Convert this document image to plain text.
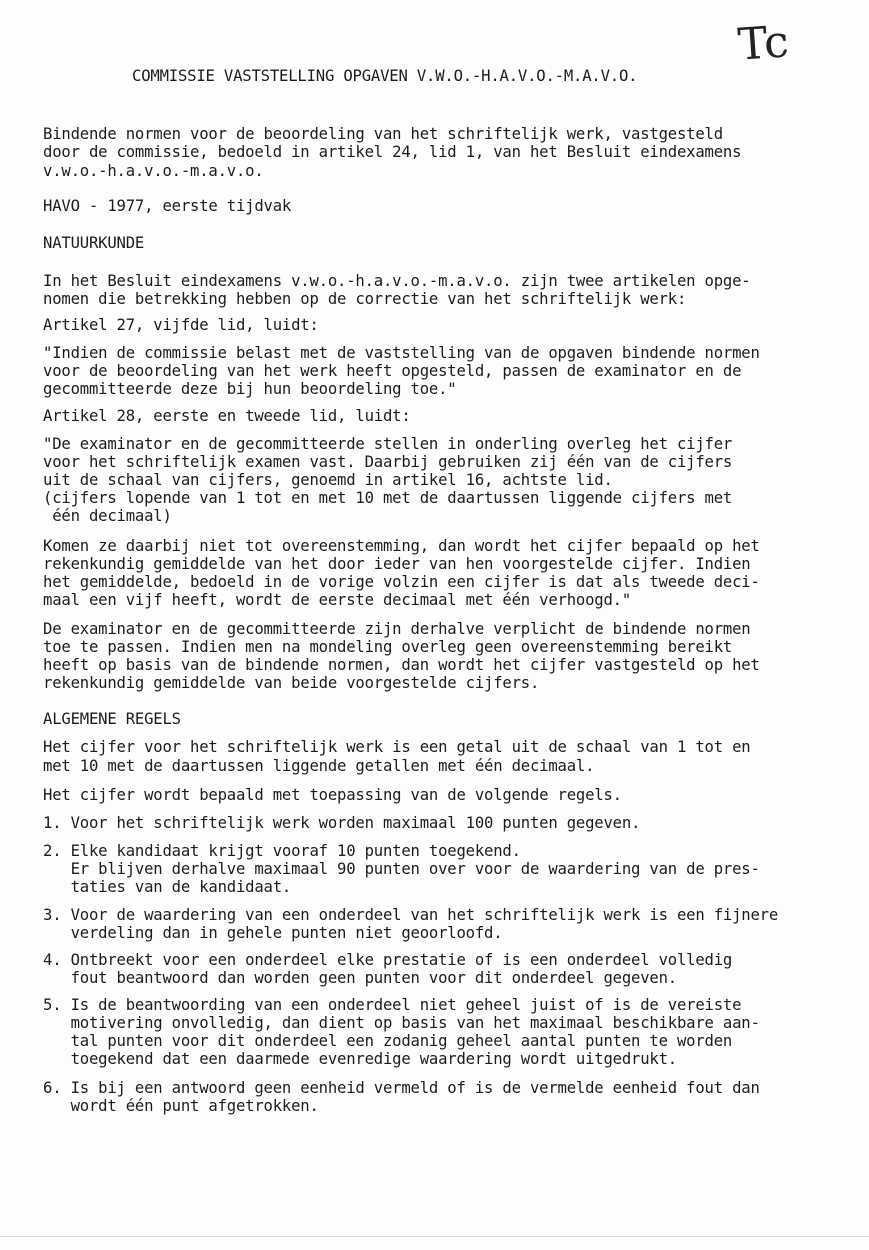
Tc
COMMISSIE VASTSTELLING OPGAVEN V.W.O.-H.A.V.O.-M.A.V.O.
Bindende normen voor de beoordeling van het schriftelijk werk, vastgesteld
door de commissie, bedoeld in artikel 24, lid 1, van het Besluit eindexamens
v.w.o.-h.a.v.o.-m.a.v.o.
HAVO - 1977, eerste tijdvak
NATUURKUNDE
In het Besluit eindexamens v.w.o.-h.a.v.o.-m.a.v.o. zijn twee artikelen opge-
nomen die betrekking hebben op de correctie van het schriftelijk werk:
Artikel 27, vijfde lid, luidt:
"Indien de commissie belast met de vaststelling van de opgaven bindende normen
voor de beoordeling van het werk heeft opgesteld, passen de examinator en de
gecommitteerde deze bij hun beoordeling toe."
Artikel 28, eerste en tweede lid, luidt:
"De examinator en de gecommitteerde stellen in onderling overleg het cijfer
voor het schriftelijk examen vast. Daarbij gebruiken zij één van de cijfers
uit de schaal van cijfers, genoemd in artikel 16, achtste lid.
(cijfers lopende van 1 tot en met 10 met de daartussen liggende cijfers met
één decimaal)
Komen ze daarbij niet tot overeenstemming, dan wordt het cijfer bepaald op het
rekenkundig gemiddelde van het door ieder van hen voorgestelde cijfer. Indien
het gemiddelde, bedoeld in de vorige volzin een cijfer is dat als tweede deci-
maal een vijf heeft, wordt de eerste decimaal met één verhoogd."
De examinator en de gecommitteerde zijn derhalve verplicht de bindende normen
toe te passen. Indien men na mondeling overleg geen overeenstemming bereikt
heeft op basis van de bindende normen, dan wordt het cijfer vastgesteld op het
rekenkundig gemiddelde van beide voorgestelde cijfers.
ALGEMENE REGELS
Het cijfer voor het schriftelijk werk is een getal uit de schaal van 1 tot en
met 10 met de daartussen liggende getallen met één decimaal.
Het cijfer wordt bepaald met toepassing van de volgende regels.
1. Voor het schriftelijk werk worden maximaal 100 punten gegeven.
2. Elke kandidaat krijgt vooraf 10 punten toegekend.
Er blijven derhalve maximaal 90 punten over voor de waardering van de pres-
taties van de kandidaat.
3. Voor de waardering van een onderdeel van het schriftelijk werk is een fijnere
verdeling dan in gehele punten niet geoorloofd.
4. Ontbreekt voor een onderdeel elke prestatie of is een onderdeel volledig
fout beantwoord dan worden geen punten voor dit onderdeel gegeven.
5. Is de beantwoording van een onderdeel niet geheel juist of is de vereiste
motivering onvolledig, dan dient op basis van het maximaal beschikbare aan-
tal punten voor dit onderdeel een zodanig geheel aantal punten te worden
toegekend dat een daarmede evenredige waardering wordt uitgedrukt.
6. Is bij een antwoord geen eenheid vermeld of is de vermelde eenheid fout dan
wordt één punt afgetrokken.
